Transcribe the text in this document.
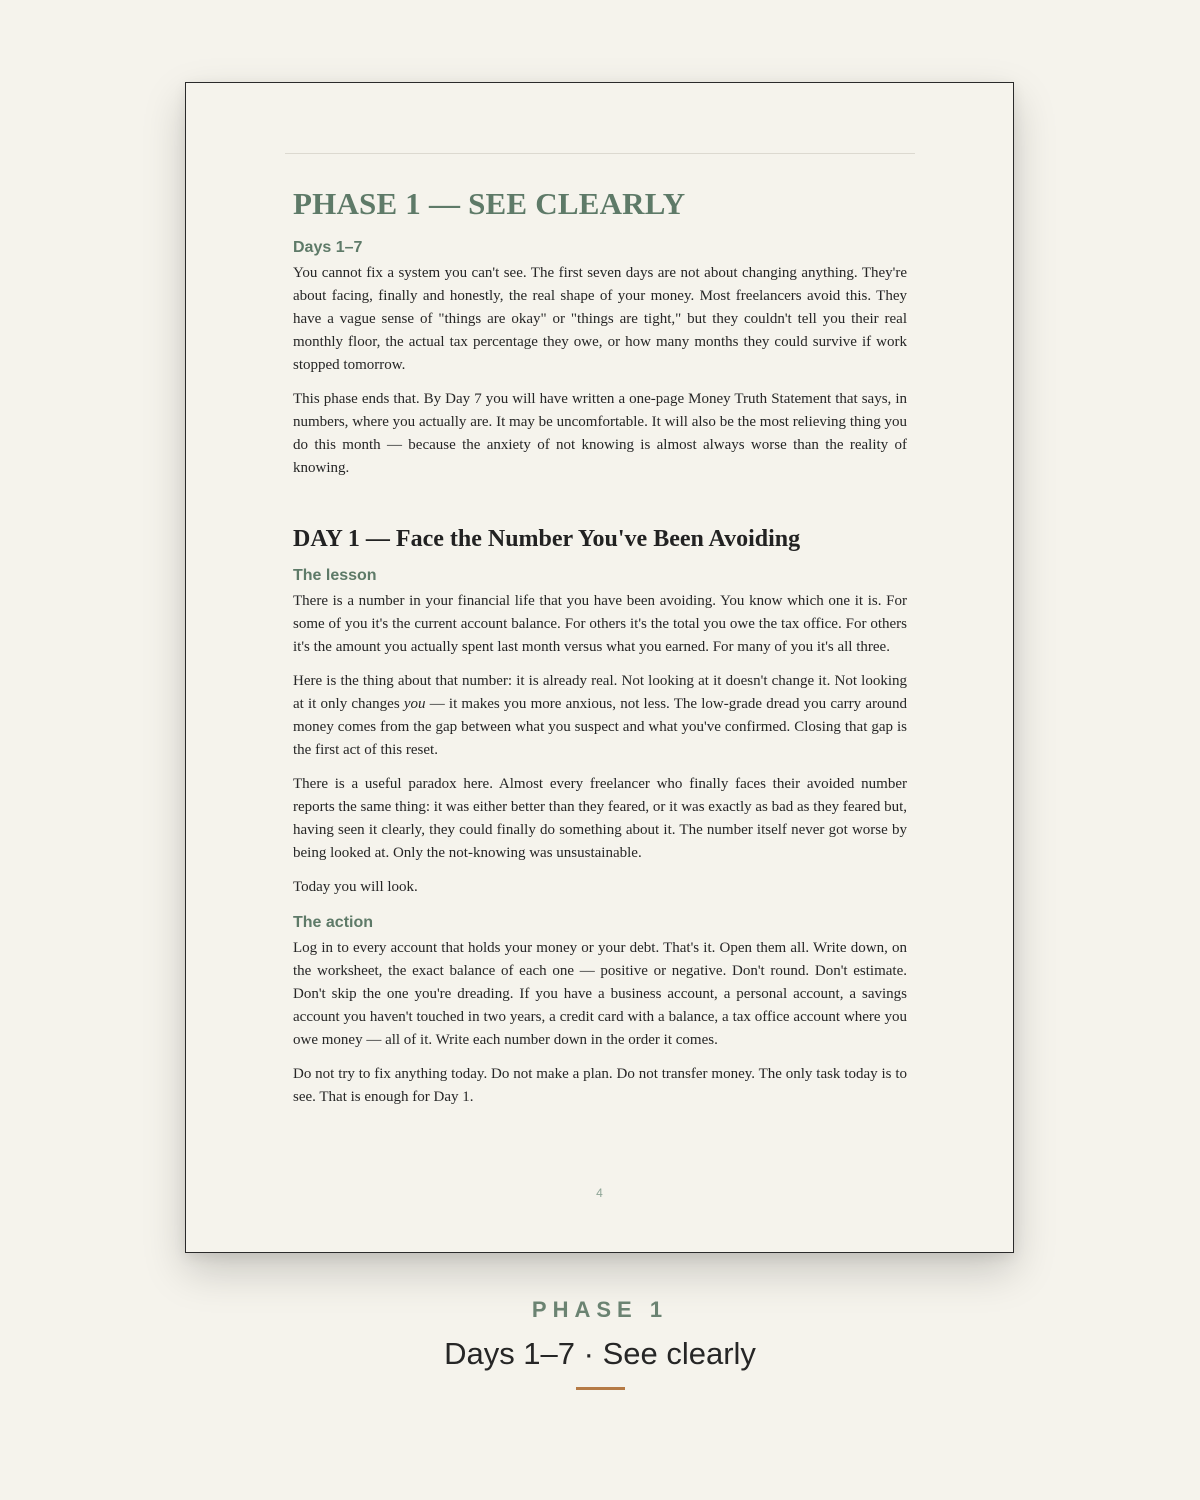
PHASE 1 — SEE CLEARLY
Days 1–7

You cannot fix a system you can't see. The first seven days are not about changing anything. They're about facing, finally and honestly, the real shape of your money. Most freelancers avoid this. They have a vague sense of "things are okay" or "things are tight," but they couldn't tell you their real monthly floor, the actual tax percentage they owe, or how many months they could survive if work stopped tomorrow.

This phase ends that. By Day 7 you will have written a one-page Money Truth Statement that says, in numbers, where you actually are. It may be uncomfortable. It will also be the most relieving thing you do this month — because the anxiety of not knowing is almost always worse than the reality of knowing.

DAY 1 — Face the Number You've Been Avoiding
The lesson

There is a number in your financial life that you have been avoiding. You know which one it is. For some of you it's the current account balance. For others it's the total you owe the tax office. For others it's the amount you actually spent last month versus what you earned. For many of you it's all three.

Here is the thing about that number: it is already real. Not looking at it doesn't change it. Not looking at it only changes you — it makes you more anxious, not less. The low-grade dread you carry around money comes from the gap between what you suspect and what you've confirmed. Closing that gap is the first act of this reset.

There is a useful paradox here. Almost every freelancer who finally faces their avoided number reports the same thing: it was either better than they feared, or it was exactly as bad as they feared but, having seen it clearly, they could finally do something about it. The number itself never got worse by being looked at. Only the not-knowing was unsustainable.

Today you will look.

The action

Log in to every account that holds your money or your debt. That's it. Open them all. Write down, on the worksheet, the exact balance of each one — positive or negative. Don't round. Don't estimate. Don't skip the one you're dreading. If you have a business account, a personal account, a savings account you haven't touched in two years, a credit card with a balance, a tax office account where you owe money — all of it. Write each number down in the order it comes.

Do not try to fix anything today. Do not make a plan. Do not transfer money. The only task today is to see. That is enough for Day 1.

4
PHASE 1
Days 1–7 · See clearly
